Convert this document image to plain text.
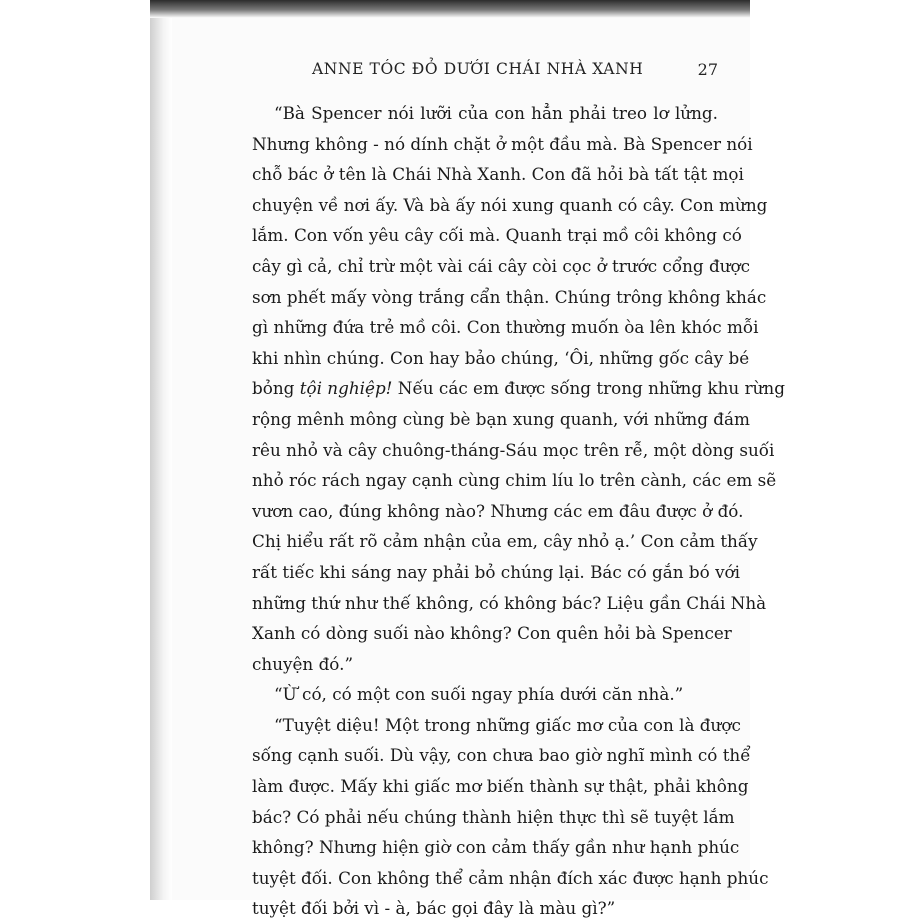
ANNE TÓC ĐỎ DƯỚI CHÁI NHÀ XANH	27
“Bà Spencer nói lưỡi của con hẳn phải treo lơ lửng.
Nhưng không - nó dính chặt ở một đầu mà. Bà Spencer nói
chỗ bác ở tên là Chái Nhà Xanh. Con đã hỏi bà tất tật mọi
chuyện về nơi ấy. Và bà ấy nói xung quanh có cây. Con mừng
lắm. Con vốn yêu cây cối mà. Quanh trại mồ côi không có
cây gì cả, chỉ trừ một vài cái cây còi cọc ở trước cổng được
sơn phết mấy vòng trắng cẩn thận. Chúng trông không khác
gì những đứa trẻ mồ côi. Con thường muốn òa lên khóc mỗi
khi nhìn chúng. Con hay bảo chúng, ‘Ôi, những gốc cây bé
bỏng tội nghiệp! Nếu các em được sống trong những khu rừng
rộng mênh mông cùng bè bạn xung quanh, với những đám
rêu nhỏ và cây chuông-tháng-Sáu mọc trên rễ, một dòng suối
nhỏ róc rách ngay cạnh cùng chim líu lo trên cành, các em sẽ
vươn cao, đúng không nào? Nhưng các em đâu được ở đó.
Chị hiểu rất rõ cảm nhận của em, cây nhỏ ạ.’ Con cảm thấy
rất tiếc khi sáng nay phải bỏ chúng lại. Bác có gắn bó với
những thứ như thế không, có không bác? Liệu gần Chái Nhà
Xanh có dòng suối nào không? Con quên hỏi bà Spencer
chuyện đó.”
“Ừ có, có một con suối ngay phía dưới căn nhà.”
“Tuyệt diệu! Một trong những giấc mơ của con là được
sống cạnh suối. Dù vậy, con chưa bao giờ nghĩ mình có thể
làm được. Mấy khi giấc mơ biến thành sự thật, phải không
bác? Có phải nếu chúng thành hiện thực thì sẽ tuyệt lắm
không? Nhưng hiện giờ con cảm thấy gần như hạnh phúc
tuyệt đối. Con không thể cảm nhận đích xác được hạnh phúc
tuyệt đối bởi vì - à, bác gọi đây là màu gì?”
